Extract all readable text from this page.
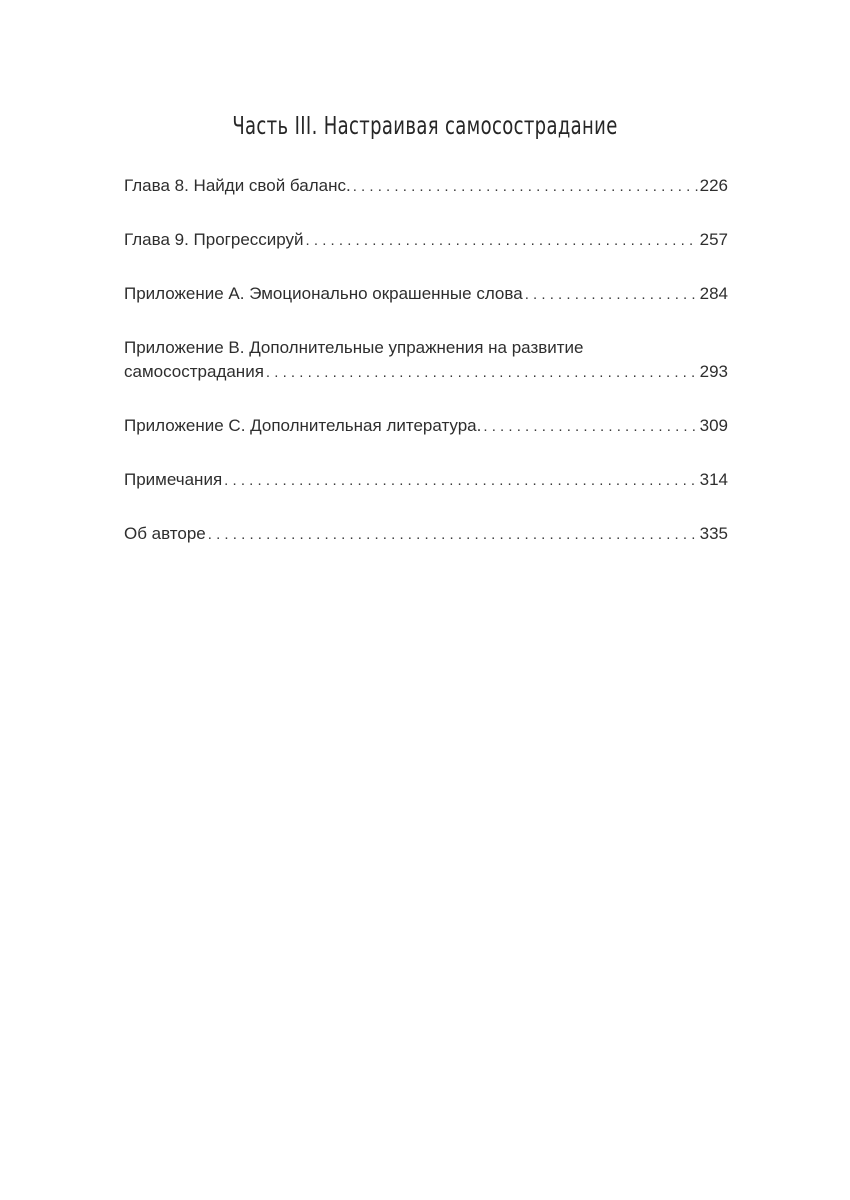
Часть III. Настраивая самосострадание
Глава 8. Найди свой баланс. . . .	226
Глава 9. Прогрессируй . . .	257
Приложение А. Эмоционально окрашенные слова . . .	284
Приложение В. Дополнительные упражнения на развитие
самосострадания . . .	293
Приложение С. Дополнительная литература. . . .	309
Примечания . . .	314
Об авторе . . .	335
